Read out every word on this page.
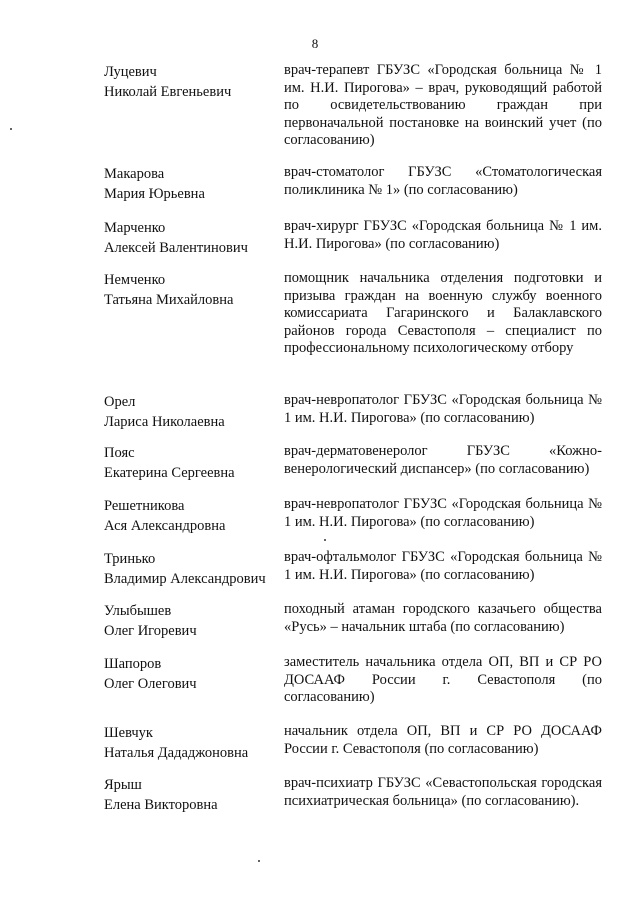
8
Луцевич
Николай Евгеньевич
врач-терапевт ГБУЗС «Городская больница № 1 им. Н.И. Пирогова» – врач, руководящий работой по освидетельствованию граждан при первоначальной постановке на воинский учет (по согласованию)
Макарова
Мария Юрьевна
врач-стоматолог ГБУЗС «Стоматологическая поликлиника № 1» (по согласованию)
Марченко
Алексей Валентинович
врач-хирург ГБУЗС «Городская больница № 1 им. Н.И. Пирогова» (по согласованию)
Немченко
Татьяна Михайловна
помощник начальника отделения подготовки и призыва граждан на военную службу военного комиссариата Гагаринского и Балаклавского районов города Севастополя – специалист по профессиональному психологическому отбору
Орел
Лариса Николаевна
врач-невропатолог ГБУЗС «Городская больница № 1 им. Н.И. Пирогова» (по согласованию)
Пояс
Екатерина Сергеевна
врач-дерматовенеролог ГБУЗС «Кожно-венерологический диспансер» (по согласованию)
Решетникова
Ася Александровна
врач-невропатолог ГБУЗС «Городская больница № 1 им. Н.И. Пирогова» (по согласованию)
Тринько
Владимир Александрович
врач-офтальмолог ГБУЗС «Городская больница № 1 им. Н.И. Пирогова» (по согласованию)
Улыбышев
Олег Игоревич
походный атаман городского казачьего общества «Русь» – начальник штаба (по согласованию)
Шапоров
Олег Олегович
заместитель начальника отдела ОП, ВП и СР РО ДОСААФ России г. Севастополя (по согласованию)
Шевчук
Наталья Дададжоновна
начальник отдела ОП, ВП и СР РО ДОСААФ России г. Севастополя (по согласованию)
Ярыш
Елена Викторовна
врач-психиатр ГБУЗС «Севастопольская городская психиатрическая больница» (по согласованию).
